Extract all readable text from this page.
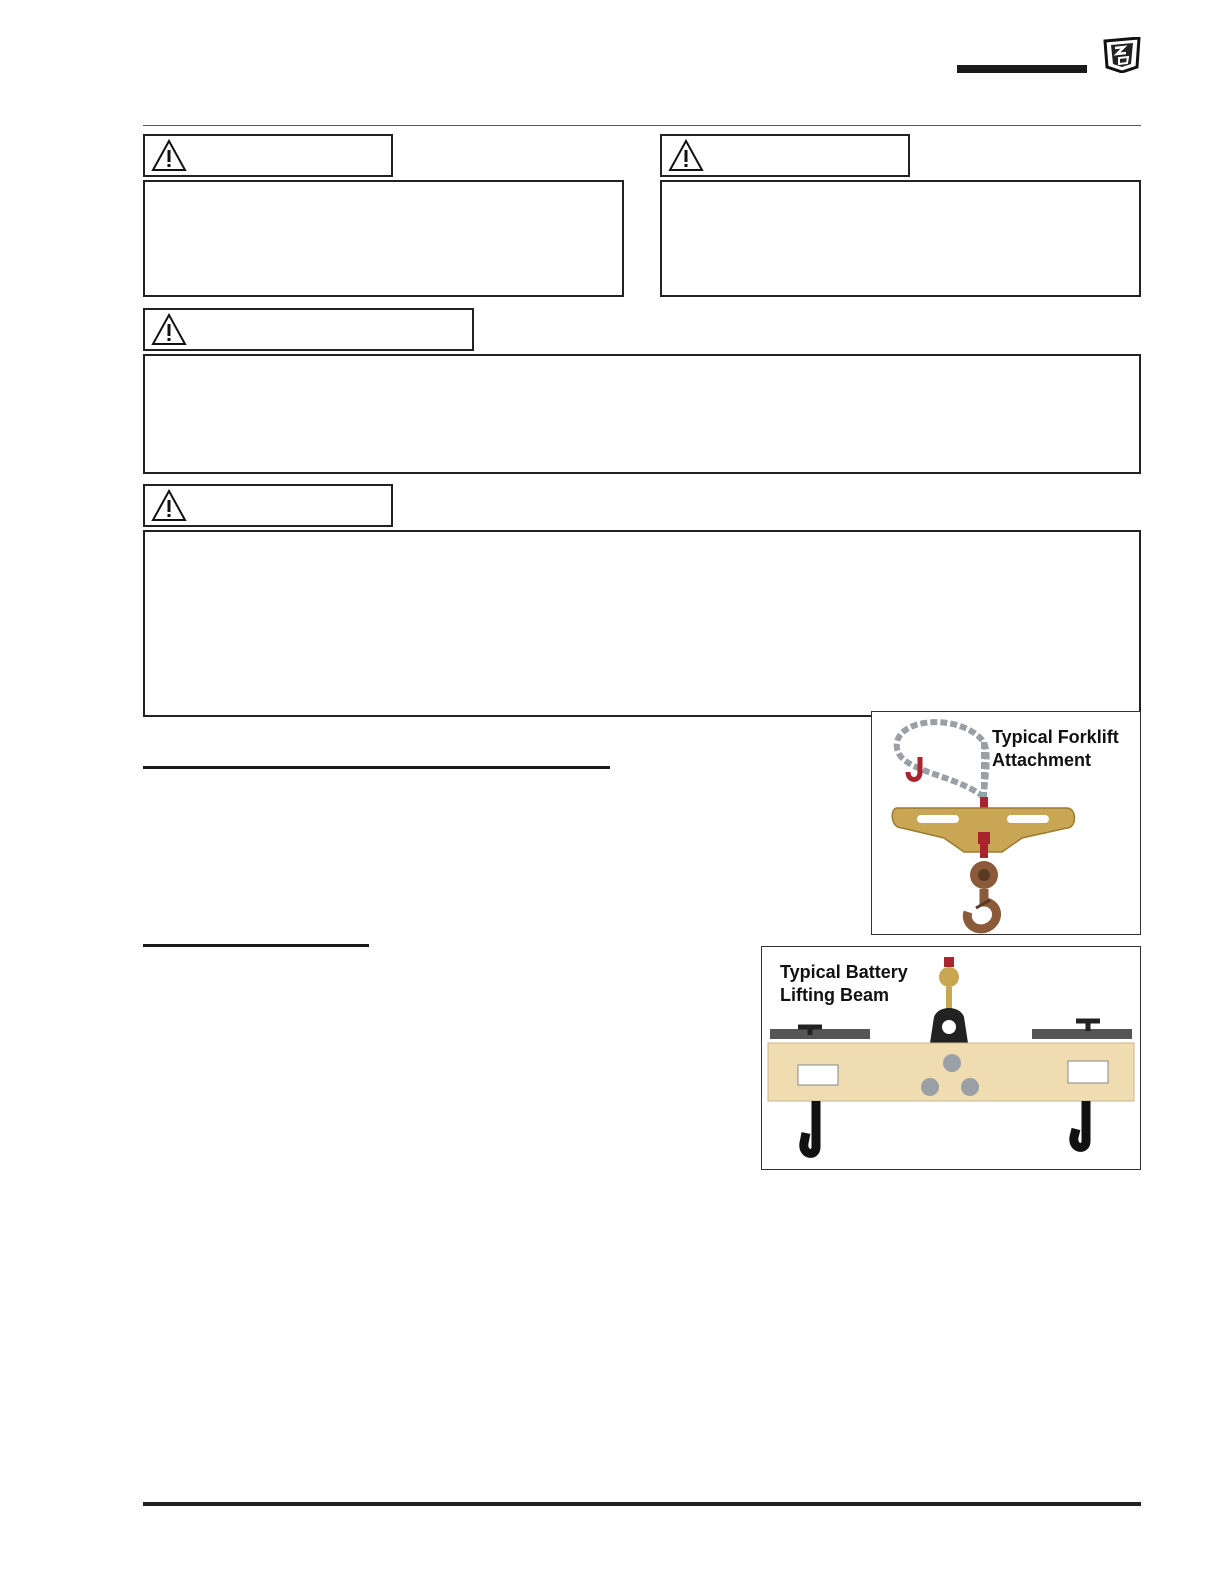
Typical Forklift
Attachment
Typical Battery
Lifting Beam
